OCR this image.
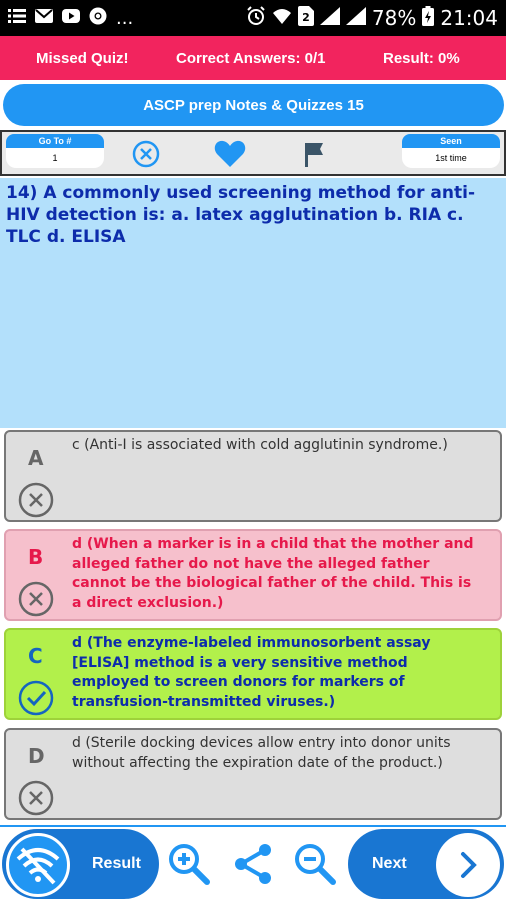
...	2	78% 21:04
Missed Quiz!	Correct Answers: 0/1	Result: 0%
ASCP prep Notes & Quizzes 15
Go To #
1
Seen
1st time
14) A commonly used screening method for anti-HIV detection is: a. latex agglutination b. RIA c. TLC d. ELISA
A
c (Anti-I is associated with cold agglutinin syndrome.)
B
d (When a marker is in a child that the mother and alleged father do not have the alleged father cannot be the biological father of the child. This is a direct exclusion.)
C
d (The enzyme-labeled immunosorbent assay [ELISA] method is a very sensitive method employed to screen donors for markers of transfusion-transmitted viruses.)
D
d (Sterile docking devices allow entry into donor units without affecting the expiration date of the product.)
Result	Next
